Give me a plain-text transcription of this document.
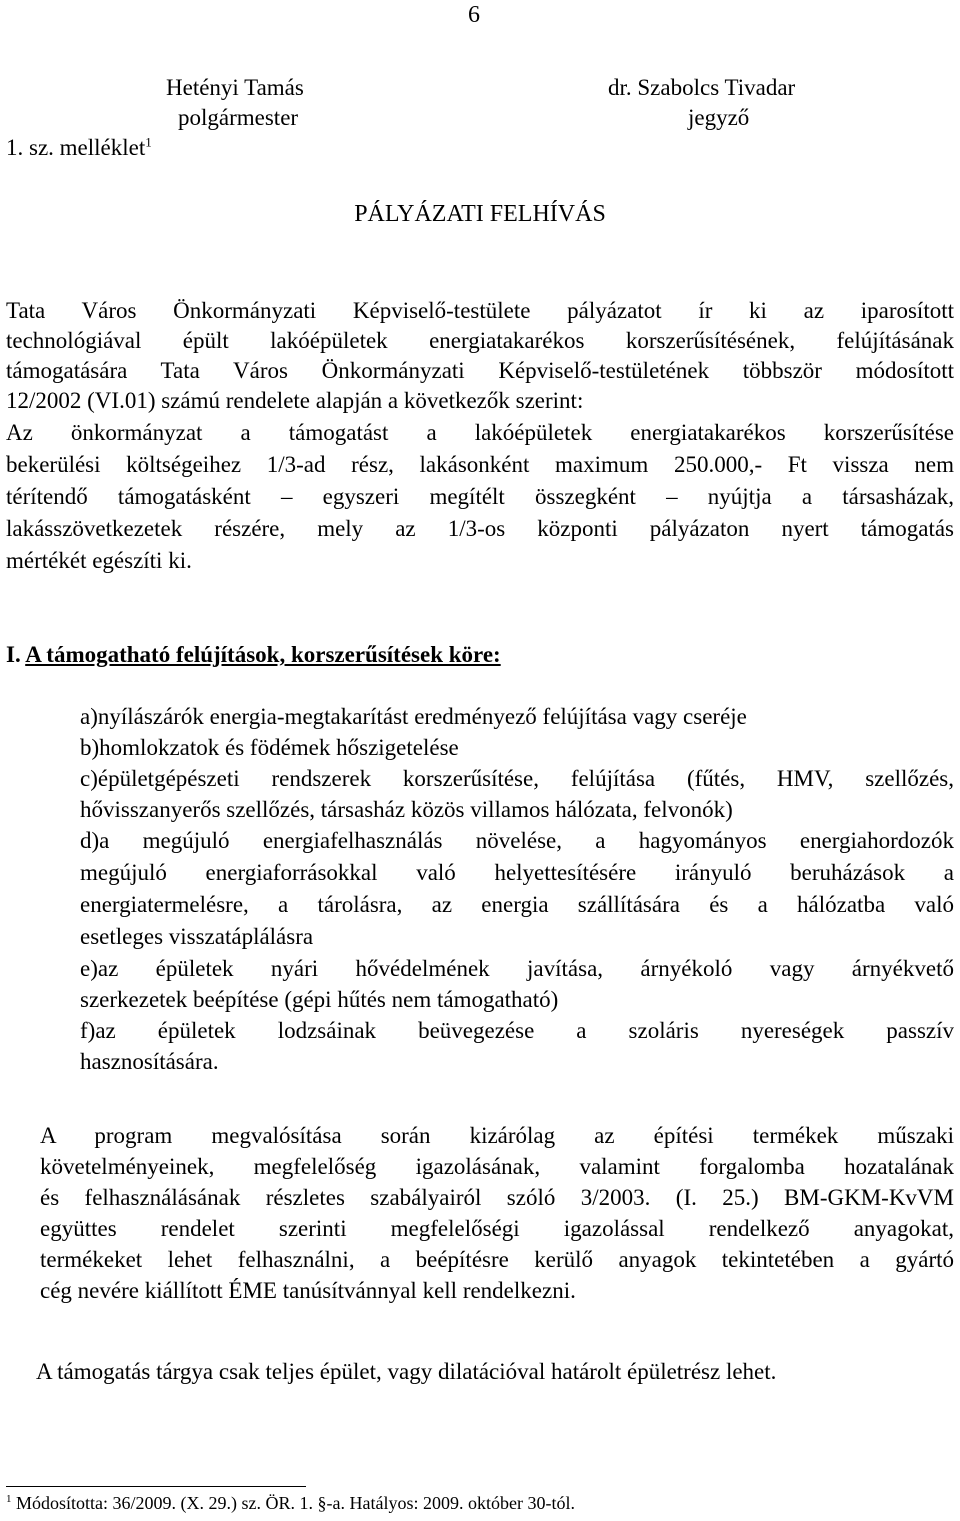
6
Hetényi Tamás
polgármester
dr. Szabolcs Tivadar
jegyző
1. sz. melléklet$^1$
PÁLYÁZATI FELHÍVÁS
Tata Város Önkormányzati Képviselő-testülete pályázatot ír ki az iparosított
technológiával épült lakóépületek energiatakarékos korszerűsítésének, felújításának
támogatására Tata Város Önkormányzati Képviselő-testületének többször módosított
12/2002 (VI.01) számú rendelete alapján a következők szerint:
Az önkormányzat a támogatást a lakóépületek energiatakarékos korszerűsítése
bekerülési költségeihez 1/3-ad rész, lakásonként maximum 250.000,- Ft vissza nem
térítendő támogatásként – egyszeri megítélt összegként – nyújtja a társasházak,
lakásszövetkezetek részére, mely az 1/3-os központi pályázaton nyert támogatás
mértékét egészíti ki.
I. A támogatható felújítások, korszerűsítések köre:
a)nyílászárók energia-megtakarítást eredményező felújítása vagy cseréje
b)homlokzatok és födémek hőszigetelése
c)épületgépészeti rendszerek korszerűsítése, felújítása (fűtés, HMV, szellőzés,
hővisszanyerős szellőzés, társasház közös villamos hálózata, felvonók)
d)a megújuló energiafelhasználás növelése, a hagyományos energiahordozók
megújuló energiaforrásokkal való helyettesítésére irányuló beruházások a
energiatermelésre, a tárolásra, az energia szállítására és a hálózatba való
esetleges visszatáplálásra
e)az épületek nyári hővédelmének javítása, árnyékoló vagy árnyékvető
szerkezetek beépítése (gépi hűtés nem támogatható)
f)az épületek lodzsáinak beüvegezése a szoláris nyereségek passzív
hasznosítására.
A program megvalósítása során kizárólag az építési termékek műszaki
követelményeinek, megfelelőség igazolásának, valamint forgalomba hozatalának
és felhasználásának részletes szabályairól szóló 3/2003. (I. 25.) BM-GKM-KvVM
együttes rendelet szerinti megfelelőségi igazolással rendelkező anyagokat,
termékeket lehet felhasználni, a beépítésre kerülő anyagok tekintetében a gyártó
cég nevére kiállított ÉME tanúsítvánnyal kell rendelkezni.
A támogatás tárgya csak teljes épület, vagy dilatációval határolt épületrész lehet.
$^1$ Módosította: 36/2009. (X. 29.) sz. ÖR. 1. §-a. Hatályos: 2009. október 30-tól.
